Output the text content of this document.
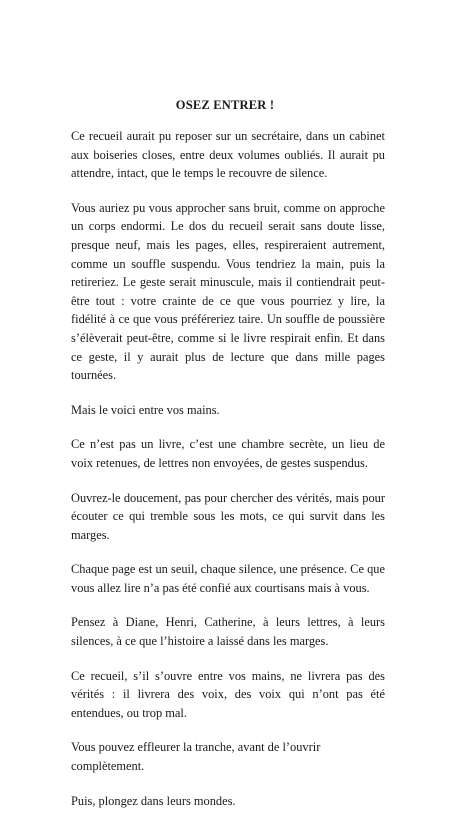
OSEZ ENTRER !

Ce recueil aurait pu reposer sur un secrétaire, dans un cabinet aux boiseries closes, entre deux volumes oubliés. Il aurait pu attendre, intact, que le temps le recouvre de silence.

Vous auriez pu vous approcher sans bruit, comme on approche un corps endormi. Le dos du recueil serait sans doute lisse, presque neuf, mais les pages, elles, respireraient autrement, comme un souffle suspendu. Vous tendriez la main, puis la retireriez. Le geste serait minuscule, mais il contiendrait peut-être tout : votre crainte de ce que vous pourriez y lire, la fidélité à ce que vous préféreriez taire. Un souffle de poussière s’élèverait peut-être, comme si le livre respirait enfin. Et dans ce geste, il y aurait plus de lecture que dans mille pages tournées.

Mais le voici entre vos mains.

Ce n’est pas un livre, c’est une chambre secrète, un lieu de voix retenues, de lettres non envoyées, de gestes suspendus.

Ouvrez-le doucement, pas pour chercher des vérités, mais pour écouter ce qui tremble sous les mots, ce qui survit dans les marges.

Chaque page est un seuil, chaque silence, une présence. Ce que vous allez lire n’a pas été confié aux courtisans mais à vous.

Pensez à Diane, Henri, Catherine, à leurs lettres, à leurs silences, à ce que l’histoire a laissé dans les marges.

Ce recueil, s’il s’ouvre entre vos mains, ne livrera pas des vérités : il livrera des voix, des voix qui n’ont pas été entendues, ou trop mal.

Vous pouvez effleurer la tranche, avant de l’ouvrir complètement.

Puis, plongez dans leurs mondes.
